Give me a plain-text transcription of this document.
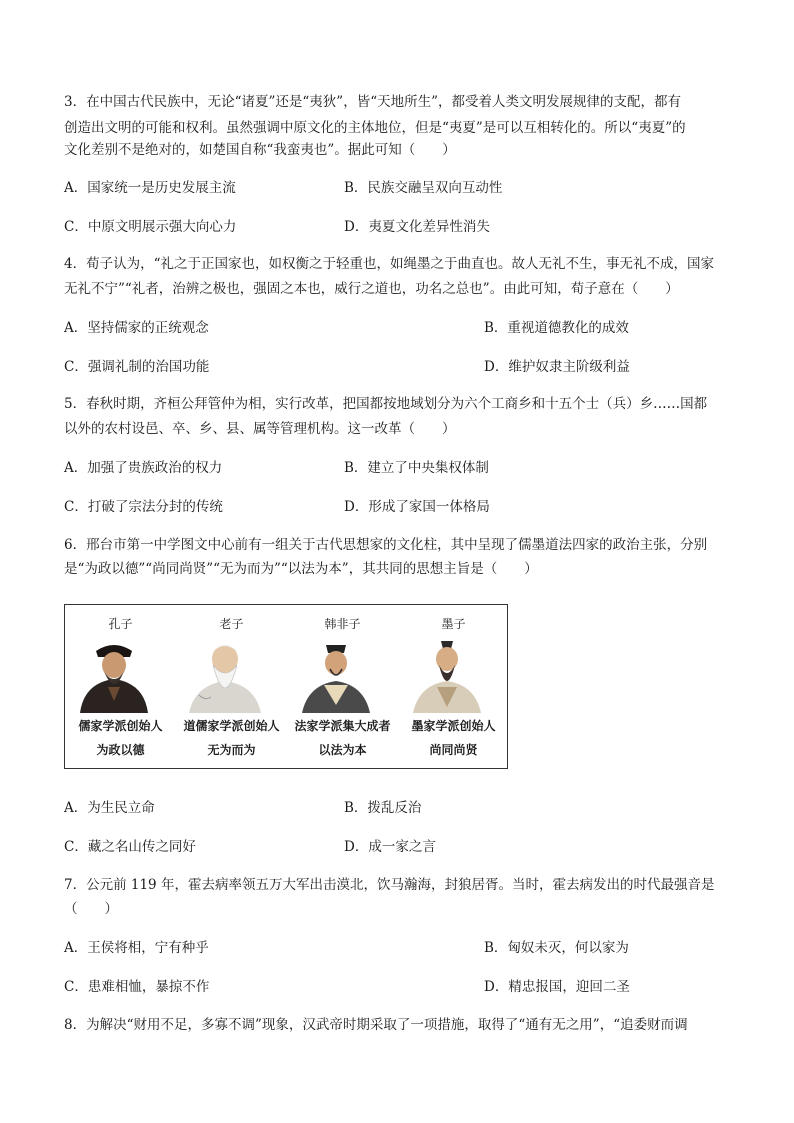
3．在中国古代民族中，无论“诸夏”还是“夷狄”，皆“天地所生”，都受着人类文明发展规律的支配，都有
创造出文明的可能和权利。虽然强调中原文化的主体地位，但是“夷夏”是可以互相转化的。所以“夷夏”的
文化差别不是绝对的，如楚国自称“我蛮夷也”。据此可知（　　）
A．国家统一是历史发展主流	B．民族交融呈双向互动性
C．中原文明展示强大向心力	D．夷夏文化差异性消失
4．荀子认为，“礼之于正国家也，如权衡之于轻重也，如绳墨之于曲直也。故人无礼不生，事无礼不成，国家
无礼不宁”“礼者，治辨之极也，强固之本也，威行之道也，功名之总也”。由此可知，荀子意在（　　）
A．坚持儒家的正统观念	B．重视道德教化的成效
C．强调礼制的治国功能	D．维护奴隶主阶级利益
5．春秋时期，齐桓公拜管仲为相，实行改革，把国都按地域划分为六个工商乡和十五个士（兵）乡……国都
以外的农村设邑、卒、乡、县、属等管理机构。这一改革（　　）
A．加强了贵族政治的权力	B．建立了中央集权体制
C．打破了宗法分封的传统	D．形成了家国一体格局
6．邢台市第一中学图文中心前有一组关于古代思想家的文化柱，其中呈现了儒墨道法四家的政治主张，分别
是“为政以德”“尚同尚贤”“无为而为”“以法为本”，其共同的思想主旨是（　　）
孔子
儒家学派创始人
为政以德
老子
道儒家学派创始人
无为而为
韩非子
法家学派集大成者
以法为本
墨子
墨家学派创始人
尚同尚贤
A．为生民立命	B．拨乱反治
C．藏之名山传之同好	D．成一家之言
7．公元前 119 年，霍去病率领五万大军出击漠北，饮马瀚海，封狼居胥。当时，霍去病发出的时代最强音是
（　　）
A．王侯将相，宁有种乎	B．匈奴未灭，何以家为
C．患难相恤，暴掠不作	D．精忠报国，迎回二圣
8．为解决“财用不足，多寡不调”现象，汉武帝时期采取了一项措施，取得了“通有无之用”，“追委财而调
